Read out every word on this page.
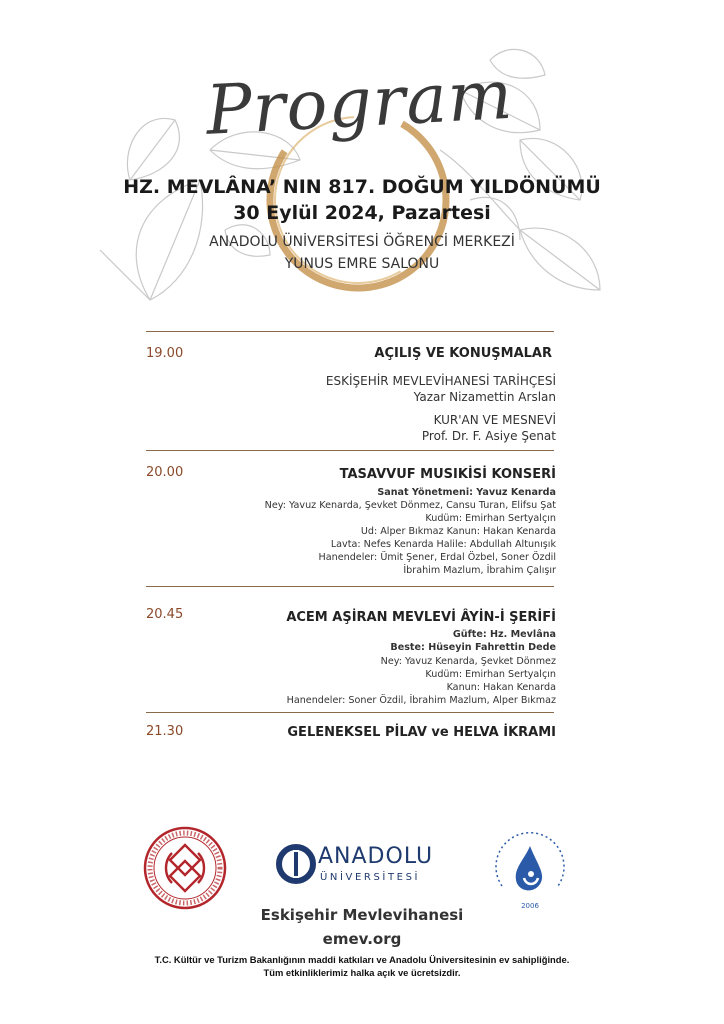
Program
HZ. MEVLÂNA’ NIN 817. DOĞUM YILDÖNÜMÜ
30 Eylül 2024, Pazartesi
ANADOLU ÜNİVERSİTESİ ÖĞRENCİ MERKEZİ
YUNUS EMRE SALONU
19.00	AÇILIŞ VE KONUŞMALAR
ESKİŞEHİR MEVLEVİHANESİ TARİHÇESİ
Yazar Nizamettin Arslan
KUR'AN VE MESNEVİ
Prof. Dr. F. Asiye Şenat
20.00	TASAVVUF MUSIKİSİ KONSERİ
Sanat Yönetmeni: Yavuz Kenarda
Ney: Yavuz Kenarda, Şevket Dönmez, Cansu Turan, Elifsu Şat
Kudüm: Emirhan Sertyalçın
Ud: Alper Bıkmaz Kanun: Hakan Kenarda
Lavta: Nefes Kenarda Halile: Abdullah Altunışık
Hanendeler: Ümit Şener, Erdal Özbel, Soner Özdil
İbrahim Mazlum, İbrahim Çalışır
20.45	ACEM AŞİRAN MEVLEVİ ÂYİN-İ ŞERİFİ
Güfte: Hz. Mevlâna
Beste: Hüseyin Fahrettin Dede
Ney: Yavuz Kenarda, Şevket Dönmez
Kudüm: Emirhan Sertyalçın
Kanun: Hakan Kenarda
Hanendeler: Soner Özdil, İbrahim Mazlum, Alper Bıkmaz
21.30	GELENEKSEL PİLAV ve HELVA İKRAMI
ANADOLU
ÜNİVERSİTESİ
2006
Eskişehir Mevlevihanesi
emev.org
T.C. Kültür ve Turizm Bakanlığının maddi katkıları ve Anadolu Üniversitesinin ev sahipliğinde.
Tüm etkinliklerimiz halka açık ve ücretsizdir.
